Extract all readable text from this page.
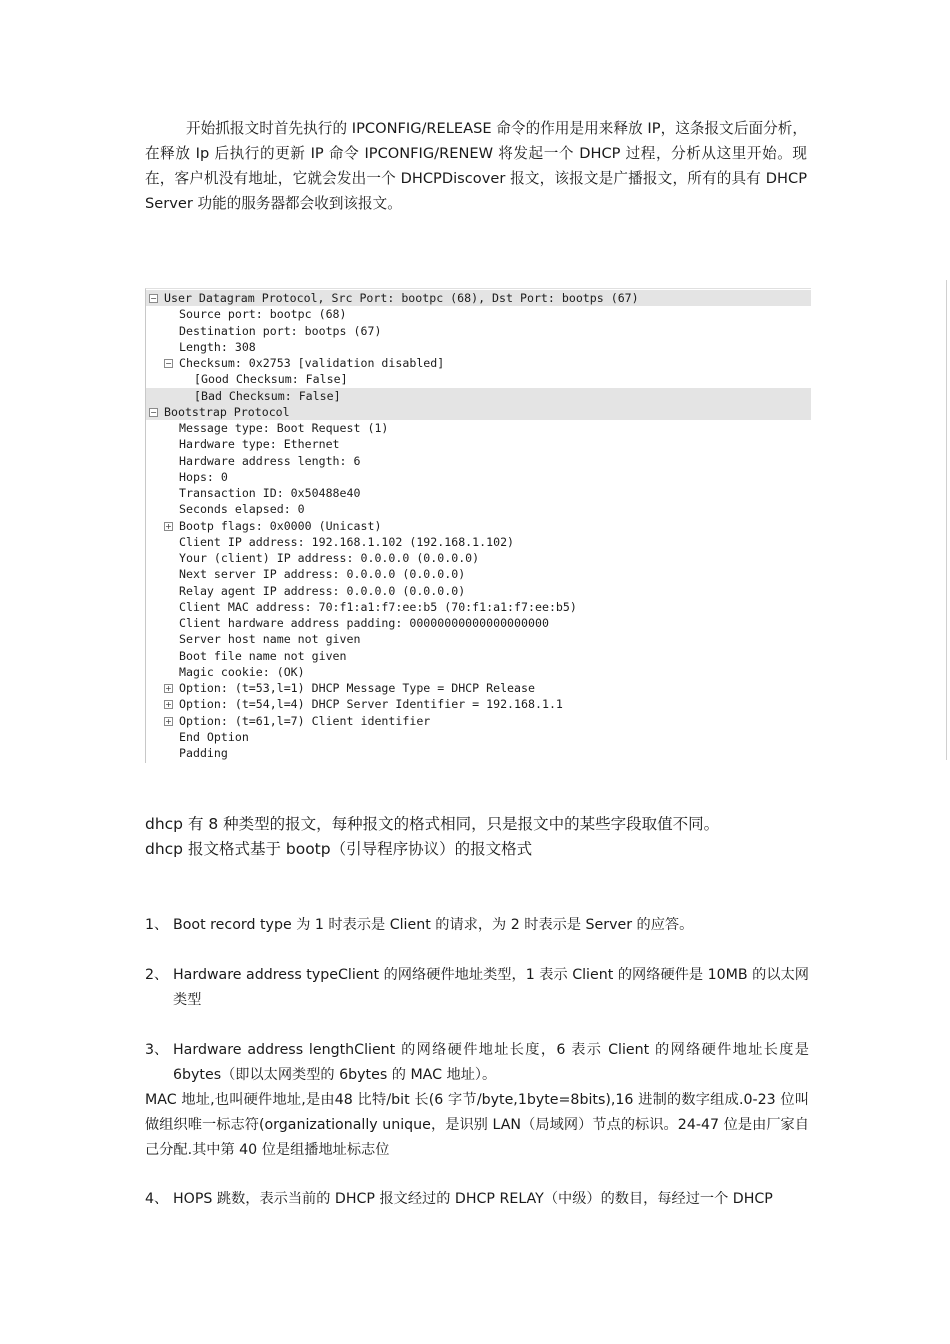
开始抓报文时首先执行的 IPCONFIG/RELEASE 命令的作用是用来释放 IP，这条报文后面分析，在释放 Ip 后执行的更新 IP 命令 IPCONFIG/RENEW 将发起一个 DHCP 过程，分析从这里开始。现在，客户机没有地址，它就会发出一个 DHCPDiscover 报文，该报文是广播报文，所有的具有 DHCP Server 功能的服务器都会收到该报文。

− User Datagram Protocol, Src Port: bootpc (68), Dst Port: bootps (67)
Source port: bootpc (68)
Destination port: bootps (67)
Length: 308
− Checksum: 0x2753 [validation disabled]
[Good Checksum: False]
[Bad Checksum: False]
− Bootstrap Protocol
Message type: Boot Request (1)
Hardware type: Ethernet
Hardware address length: 6
Hops: 0
Transaction ID: 0x50488e40
Seconds elapsed: 0
+ Bootp flags: 0x0000 (Unicast)
Client IP address: 192.168.1.102 (192.168.1.102)
Your (client) IP address: 0.0.0.0 (0.0.0.0)
Next server IP address: 0.0.0.0 (0.0.0.0)
Relay agent IP address: 0.0.0.0 (0.0.0.0)
Client MAC address: 70:f1:a1:f7:ee:b5 (70:f1:a1:f7:ee:b5)
Client hardware address padding: 00000000000000000000
Server host name not given
Boot file name not given
Magic cookie: (OK)
+ Option: (t=53,l=1) DHCP Message Type = DHCP Release
+ Option: (t=54,l=4) DHCP Server Identifier = 192.168.1.1
+ Option: (t=61,l=7) Client identifier
End Option
Padding
dhcp 有 8 种类型的报文，每种报文的格式相同，只是报文中的某些字段取值不同。
dhcp 报文格式基于 bootp（引导程序协议）的报文格式
1、 Boot record type 为 1 时表示是 Client 的请求，为 2 时表示是 Server 的应答。
2、 Hardware address typeClient 的网络硬件地址类型，1 表示 Client 的网络硬件是 10MB 的以太网类型
3、 Hardware address lengthClient 的网络硬件地址长度，6 表示 Client 的网络硬件地址长度是 6bytes（即以太网类型的 6bytes 的 MAC 地址）。
MAC 地址,也叫硬件地址,是由48 比特/bit 长(6 字节/byte,1byte=8bits),16 进制的数字组成.0-23 位叫做组织唯一标志符(organizationally unique，是识别 LAN（局域网）节点的标识。24-47 位是由厂家自己分配.其中第 40 位是组播地址标志位
4、 HOPS 跳数，表示当前的 DHCP 报文经过的 DHCP RELAY（中级）的数目，每经过一个 DHCP
